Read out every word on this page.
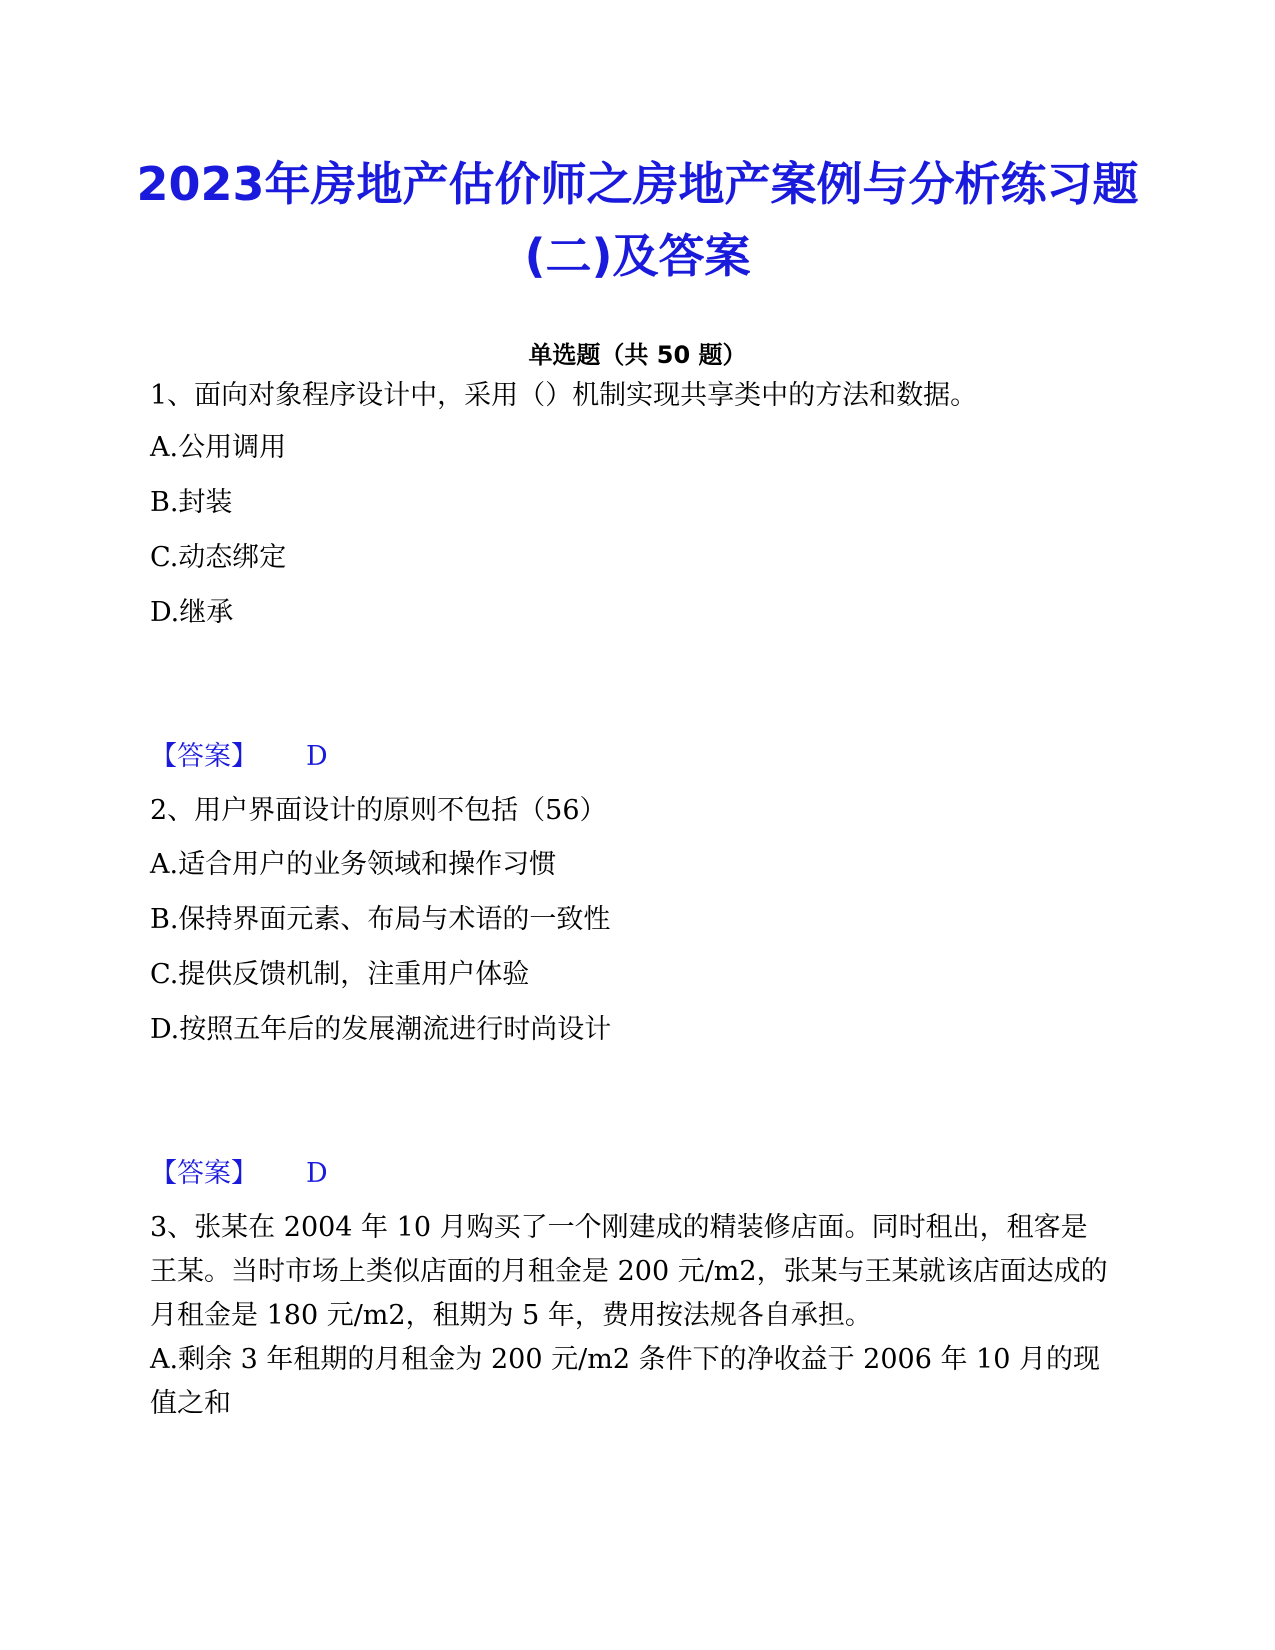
2023年房地产估价师之房地产案例与分析练习题(二)及答案
单选题（共 50 题）

1、面向对象程序设计中，采用（）机制实现共享类中的方法和数据。

A.公用调用

B.封装

C.动态绑定

D.继承

【答案】 D

2、用户界面设计的原则不包括（56）

A.适合用户的业务领域和操作习惯

B.保持界面元素、布局与术语的一致性

C.提供反馈机制，注重用户体验

D.按照五年后的发展潮流进行时尚设计

【答案】 D

3、张某在 2004 年 10 月购买了一个刚建成的精装修店面。同时租出，租客是王某。当时市场上类似店面的月租金是 200 元/m2，张某与王某就该店面达成的月租金是 180 元/m2，租期为 5 年，费用按法规各自承担。

A.剩余 3 年租期的月租金为 200 元/m2 条件下的净收益于 2006 年 10 月的现值之和
